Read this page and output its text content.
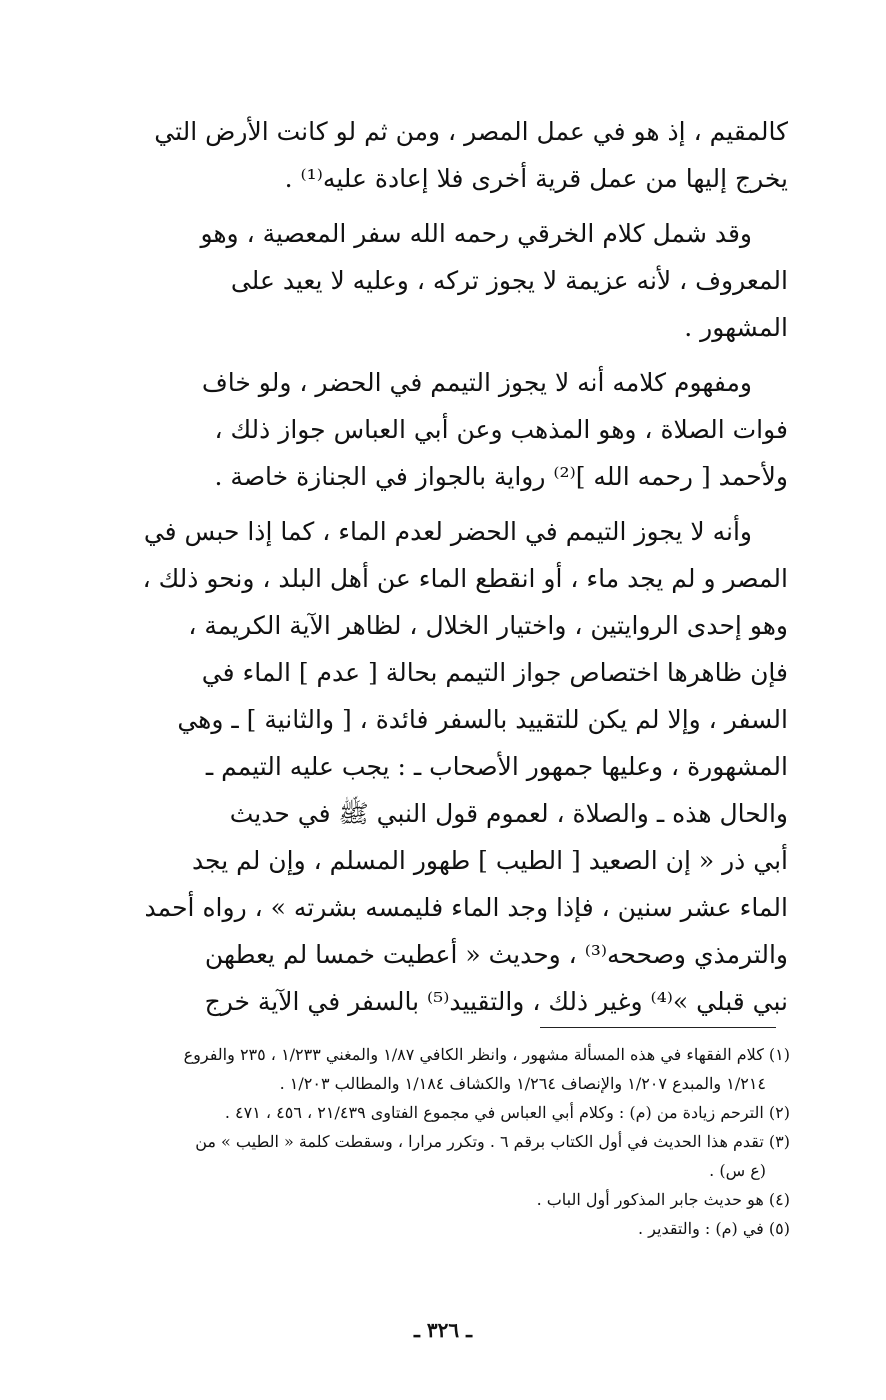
كالمقيم ، إذ هو في عمل المصر ، ومن ثم لو كانت الأرض التي
يخرج إليها من عمل قرية أخرى فلا إعادة عليه⁽¹⁾ .
وقد شمل كلام الخرقي رحمه الله سفر المعصية ، وهو
المعروف ، لأنه عزيمة لا يجوز تركه ، وعليه لا يعيد على
المشهور .
ومفهوم كلامه أنه لا يجوز التيمم في الحضر ، ولو خاف
فوات الصلاة ، وهو المذهب وعن أبي العباس جواز ذلك ،
ولأحمد [ رحمه الله ]⁽²⁾ رواية بالجواز في الجنازة خاصة .
وأنه لا يجوز التيمم في الحضر لعدم الماء ، كما إذا حبس في
المصر و لم يجد ماء ، أو انقطع الماء عن أهل البلد ، ونحو ذلك ،
وهو إحدى الروايتين ، واختيار الخلال ، لظاهر الآية الكريمة ،
فإن ظاهرها اختصاص جواز التيمم بحالة [ عدم ] الماء في
السفر ، وإلا لم يكن للتقييد بالسفر فائدة ، [ والثانية ] ـ وهي
المشهورة ، وعليها جمهور الأصحاب ـ : يجب عليه التيمم ـ
والحال هذه ـ والصلاة ، لعموم قول النبي ﷺ في حديث
أبي ذر « إن الصعيد [ الطيب ] طهور المسلم ، وإن لم يجد
الماء عشر سنين ، فإذا وجد الماء فليمسه بشرته » ، رواه أحمد
والترمذي وصححه⁽³⁾ ، وحديث « أعطيت خمسا لم يعطهن
نبي قبلي »⁽⁴⁾ وغير ذلك ، والتقييد⁽⁵⁾ بالسفر في الآية خرج
(١) كلام الفقهاء في هذه المسألة مشهور ، وانظر الكافي ١/٨٧ والمغني ١/٢٣٣ ، ٢٣٥ والفروع
١/٢١٤ والمبدع ١/٢٠٧ والإنصاف ١/٢٦٤ والكشاف ١/١٨٤ والمطالب ١/٢٠٣ .
(٢) الترحم زيادة من (م) : وكلام أبي العباس في مجموع الفتاوى ٢١/٤٣٩ ، ٤٥٦ ، ٤٧١ .
(٣) تقدم هذا الحديث في أول الكتاب برقم ٦ . وتكرر مرارا ، وسقطت كلمة « الطيب » من
(ع س) .
(٤) هو حديث جابر المذكور أول الباب .
(٥) في (م) : والتقدير .
ـ ٣٢٦ ـ
